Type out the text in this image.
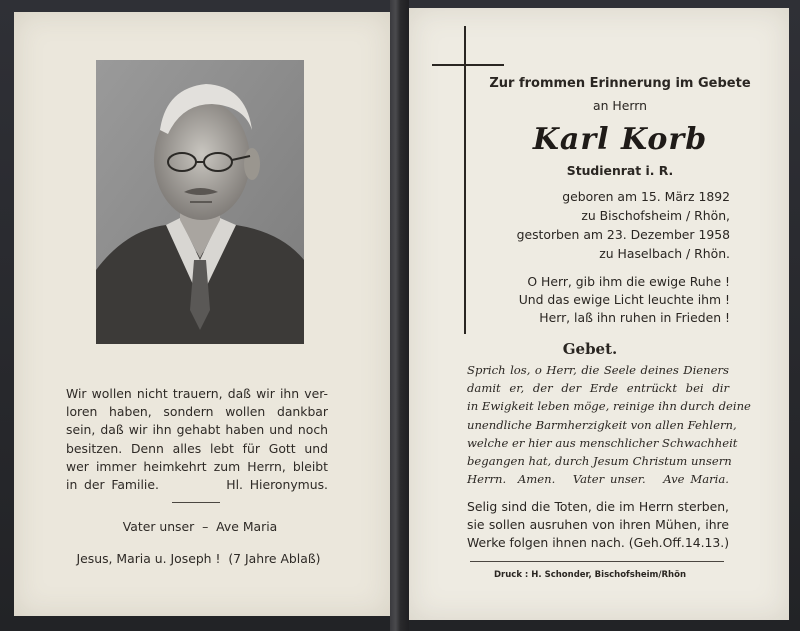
Wir wollen nicht trauern, daß wir ihn ver-
loren haben, sondern wollen dankbar
sein, daß wir ihn gehabt haben und noch
besitzen. Denn alles lebt für Gott und
wer immer heimkehrt zum Herrn, bleibt
in der Familie.          Hl. Hieronymus.
Vater unser  –  Ave Maria
Jesus, Maria u. Joseph !  (7 Jahre Ablaß)
Zur frommen Erinnerung im Gebete
an Herrn
Karl Korb
Studienrat i. R.
geboren am 15. März 1892
zu Bischofsheim / Rhön,
gestorben am 23. Dezember 1958
zu Haselbach / Rhön.
O Herr, gib ihm die ewige Ruhe !
Und das ewige Licht leuchte ihm !
Herr, laß ihn ruhen in Frieden !
Gebet.
Sprich los, o Herr, die Seele deines Dieners
damit er, der der Erde entrückt bei dir
in Ewigkeit leben möge, reinige ihn durch deine
unendliche Barmherzigkeit von allen Fehlern,
welche er hier aus menschlicher Schwachheit
begangen hat, durch Jesum Christum unsern
Herrn.  Amen.   Vater unser.   Ave Maria.
Selig sind die Toten, die im Herrn sterben,
sie sollen ausruhen von ihren Mühen, ihre
Werke folgen ihnen nach. (Geh.Off.14.13.)
Druck : H. Schonder, Bischofsheim/Rhön
